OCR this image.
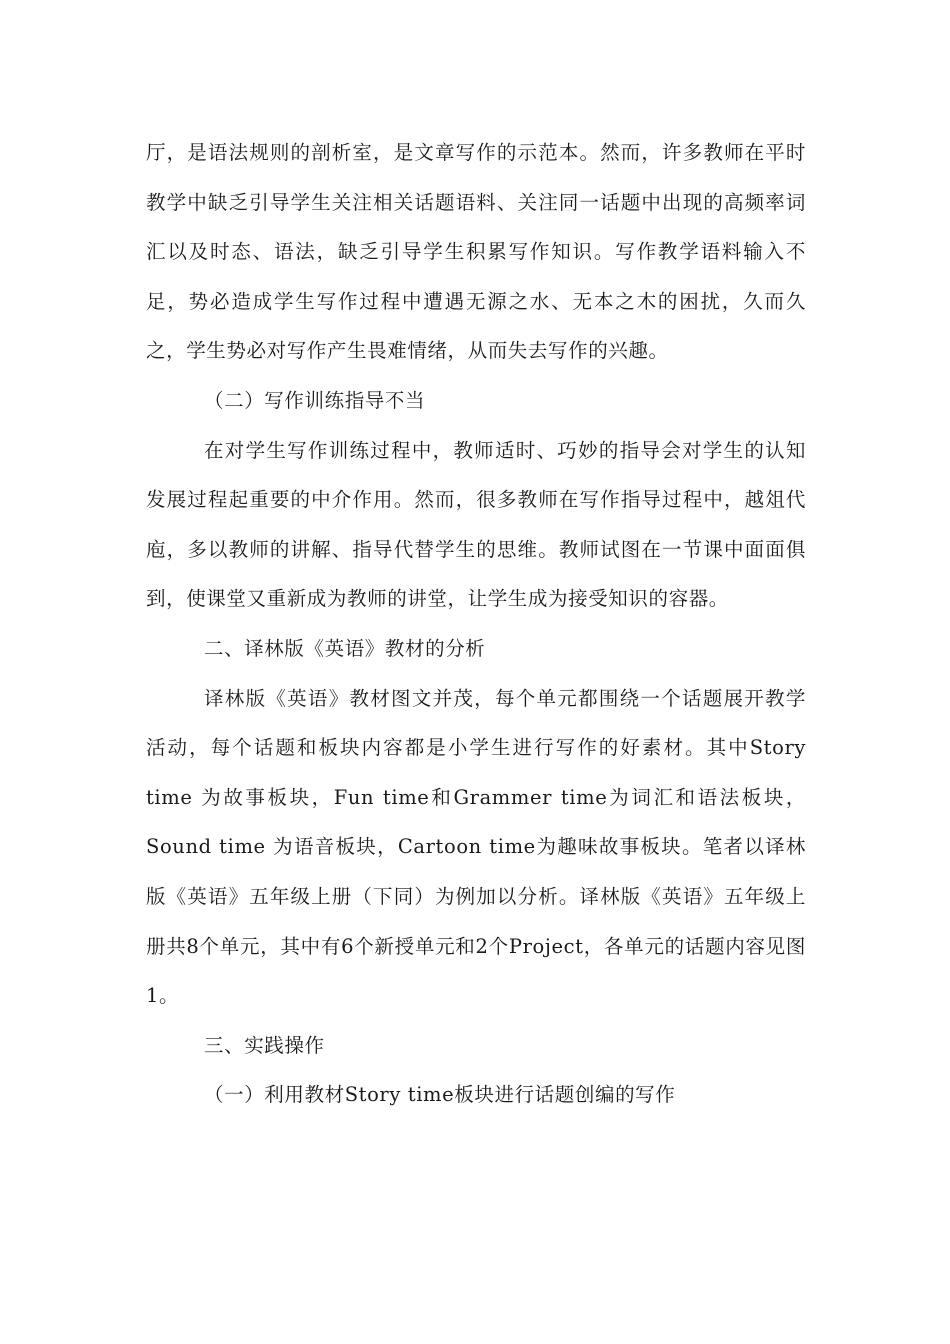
厅，是语法规则的剖析室，是文章写作的示范本。然而，许多教师在平时教学中缺乏引导学生关注相关话题语料、关注同一话题中出现的高频率词汇以及时态、语法，缺乏引导学生积累写作知识。写作教学语料输入不足，势必造成学生写作过程中遭遇无源之水、无本之木的困扰，久而久之，学生势必对写作产生畏难情绪，从而失去写作的兴趣。

（二）写作训练指导不当

在对学生写作训练过程中，教师适时、巧妙的指导会对学生的认知发展过程起重要的中介作用。然而，很多教师在写作指导过程中，越俎代庖，多以教师的讲解、指导代替学生的思维。教师试图在一节课中面面俱到，使课堂又重新成为教师的讲堂，让学生成为接受知识的容器。

二、译林版《英语》教材的分析

译林版《英语》教材图文并茂，每个单元都围绕一个话题展开教学活动，每个话题和板块内容都是小学生进行写作的好素材。其中Story time 为故事板块，Fun time和Grammer time为词汇和语法板块， Sound time 为语音板块，Cartoon time为趣味故事板块。笔者以译林版《英语》五年级上册（下同）为例加以分析。译林版《英语》五年级上册共8个单元，其中有6个新授单元和2个Project，各单元的话题内容见图1。

三、实践操作

（一）利用教材Story time板块进行话题创编的写作
